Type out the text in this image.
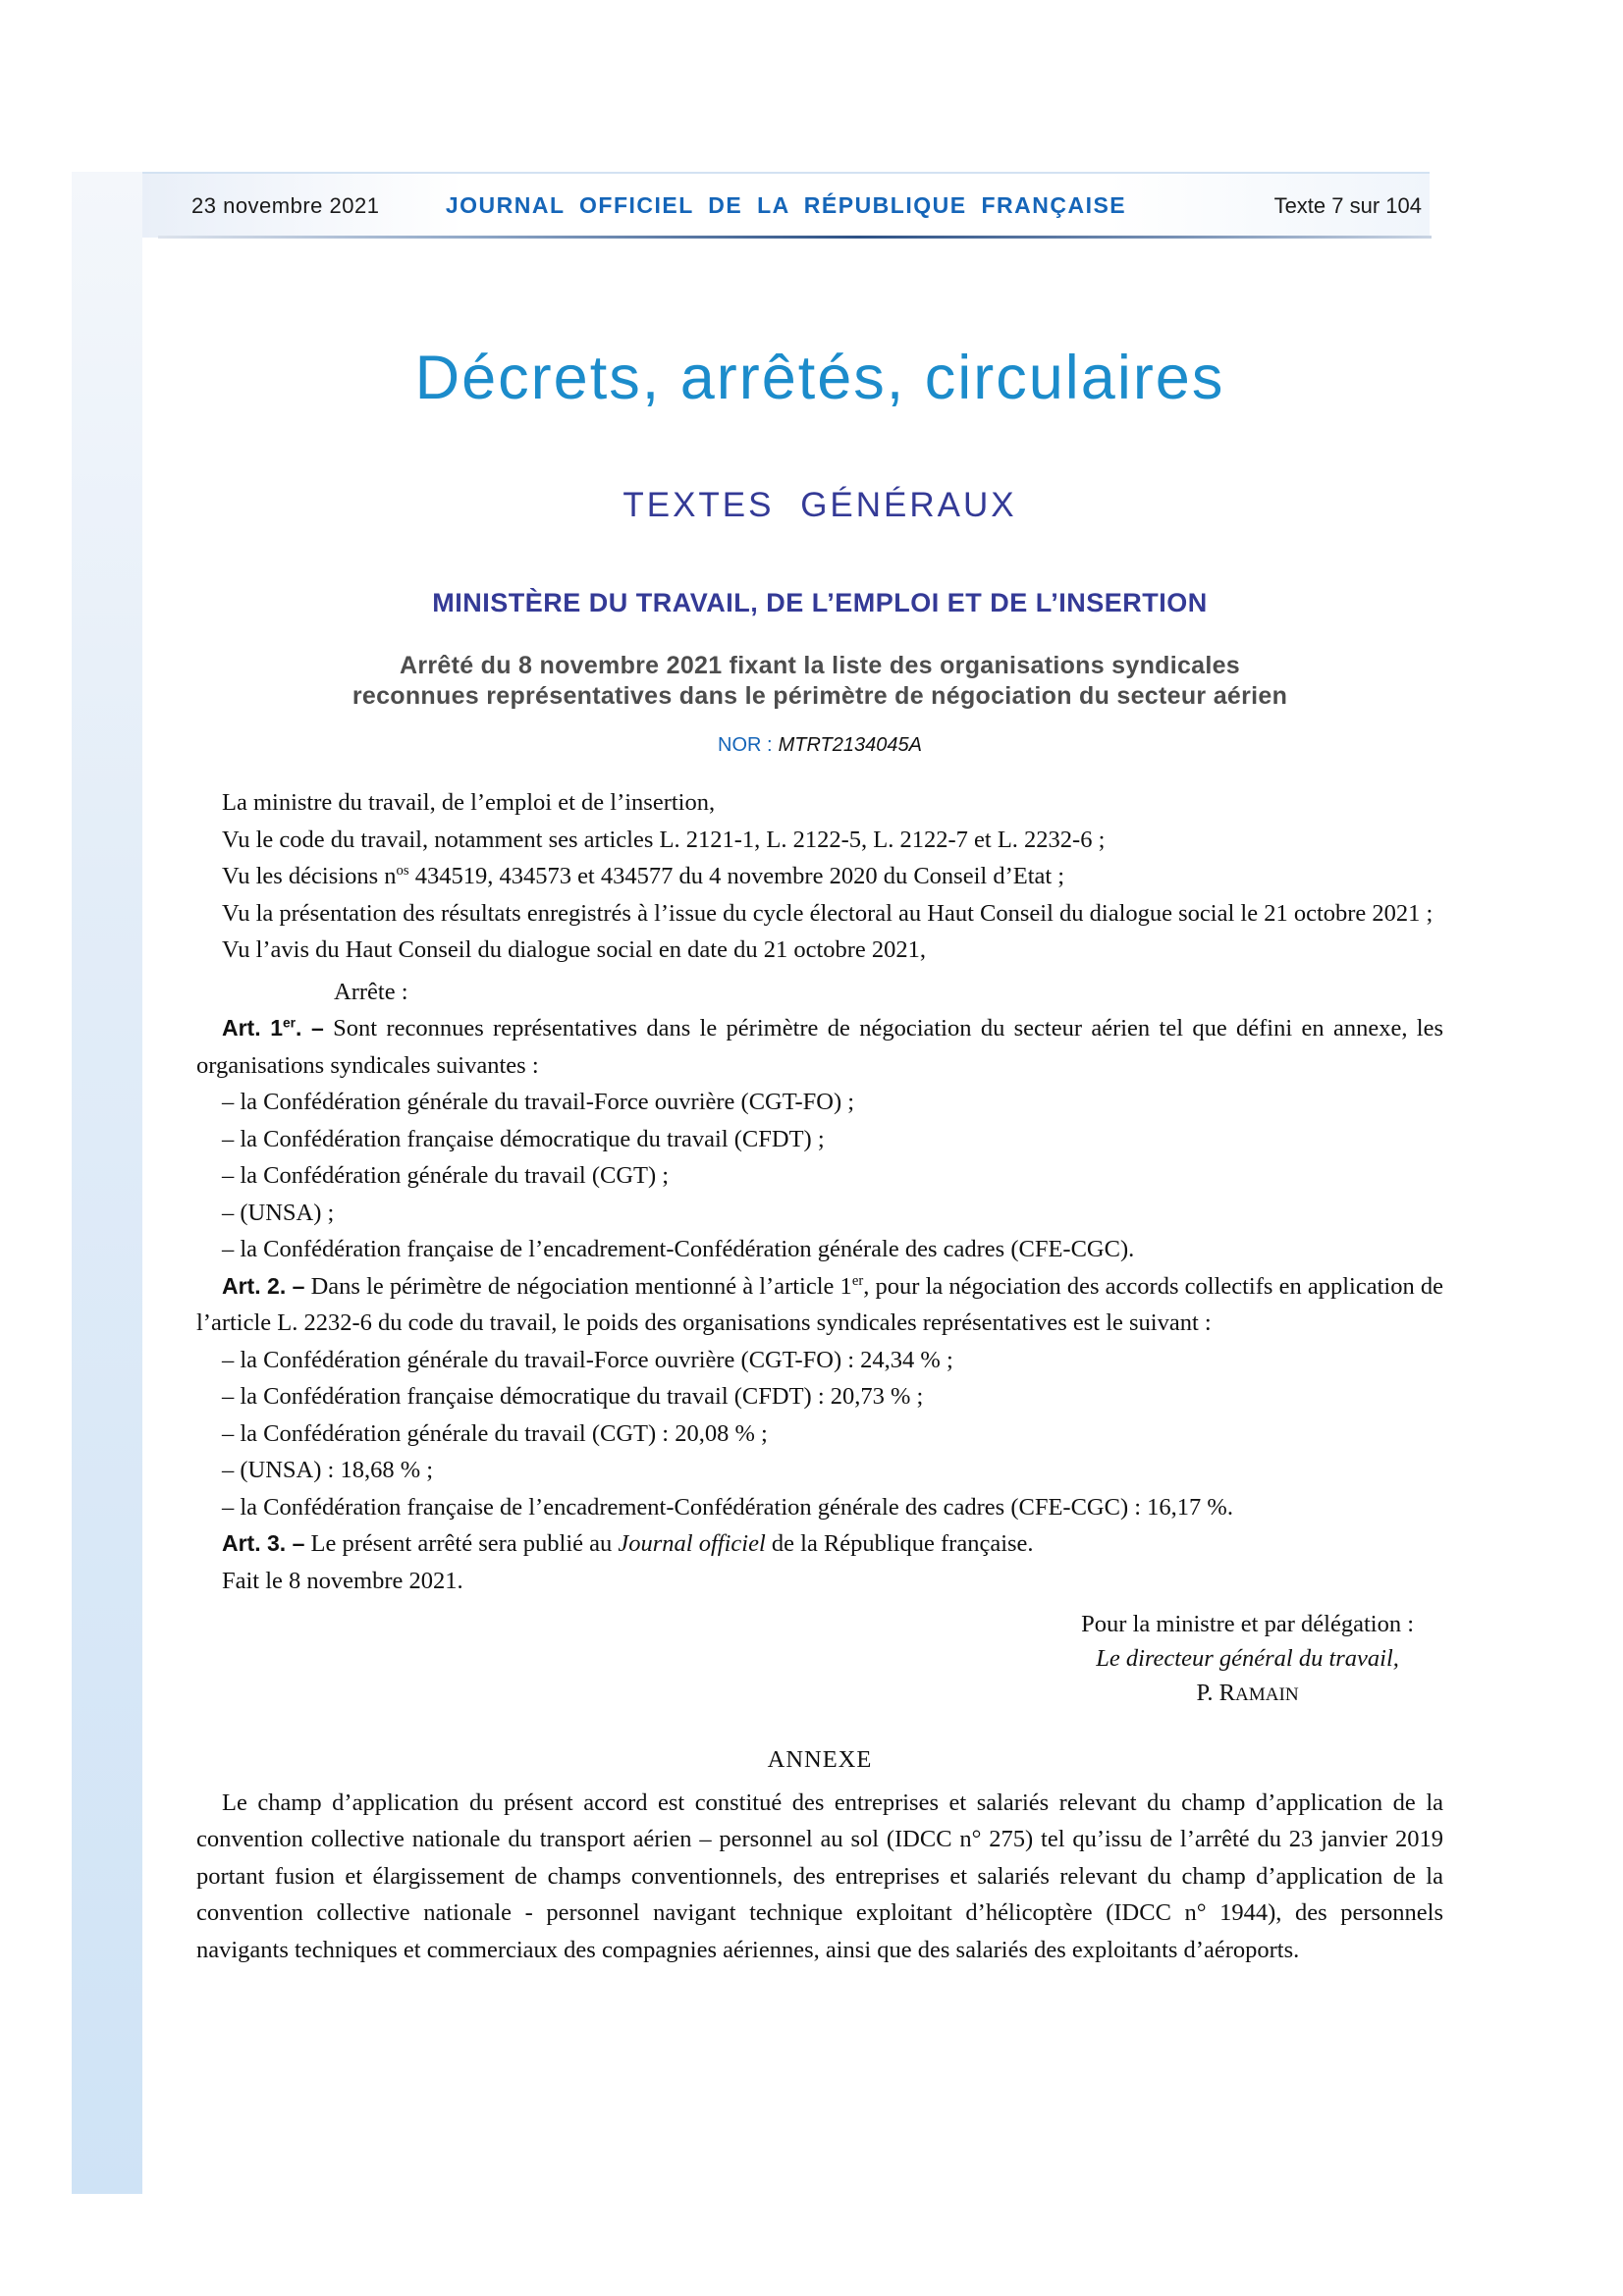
23 novembre 2021	JOURNAL OFFICIEL DE LA RÉPUBLIQUE FRANÇAISE	Texte 7 sur 104
Décrets, arrêtés, circulaires
TEXTES GÉNÉRAUX
MINISTÈRE DU TRAVAIL, DE L’EMPLOI ET DE L’INSERTION
Arrêté du 8 novembre 2021 fixant la liste des organisations syndicales
reconnues représentatives dans le périmètre de négociation du secteur aérien
NOR : MTRT2134045A

La ministre du travail, de l’emploi et de l’insertion,

Vu le code du travail, notamment ses articles L. 2121-1, L. 2122-5, L. 2122-7 et L. 2232-6 ;

Vu les décisions $n^{os}$ 434519, 434573 et 434577 du 4 novembre 2020 du Conseil d’Etat ;

Vu la présentation des résultats enregistrés à l’issue du cycle électoral au Haut Conseil du dialogue social le 21 octobre 2021 ;

Vu l’avis du Haut Conseil du dialogue social en date du 21 octobre 2021,

Arrête :

Art. 1er. – Sont reconnues représentatives dans le périmètre de négociation du secteur aérien tel que défini en annexe, les organisations syndicales suivantes :

– la Confédération générale du travail-Force ouvrière (CGT-FO) ;

– la Confédération française démocratique du travail (CFDT) ;

– la Confédération générale du travail (CGT) ;

– (UNSA) ;

– la Confédération française de l’encadrement-Confédération générale des cadres (CFE-CGC).

Art. 2. – Dans le périmètre de négociation mentionné à l’article 1er, pour la négociation des accords collectifs en application de l’article L. 2232-6 du code du travail, le poids des organisations syndicales représentatives est le suivant :

– la Confédération générale du travail-Force ouvrière (CGT-FO) : 24,34 % ;

– la Confédération française démocratique du travail (CFDT) : 20,73 % ;

– la Confédération générale du travail (CGT) : 20,08 % ;

– (UNSA) : 18,68 % ;

– la Confédération française de l’encadrement-Confédération générale des cadres (CFE-CGC) : 16,17 %.

Art. 3. – Le présent arrêté sera publié au Journal officiel de la République française.

Fait le 8 novembre 2021.

Pour la ministre et par délégation :
Le directeur général du travail,
P. RAMAIN
ANNEXE

Le champ d’application du présent accord est constitué des entreprises et salariés relevant du champ d’application de la convention collective nationale du transport aérien – personnel au sol (IDCC n° 275) tel qu’issu de l’arrêté du 23 janvier 2019 portant fusion et élargissement de champs conventionnels, des entreprises et salariés relevant du champ d’application de la convention collective nationale - personnel navigant technique exploitant d’hélicoptère (IDCC n° 1944), des personnels navigants techniques et commerciaux des compagnies aériennes, ainsi que des salariés des exploitants d’aéroports.
